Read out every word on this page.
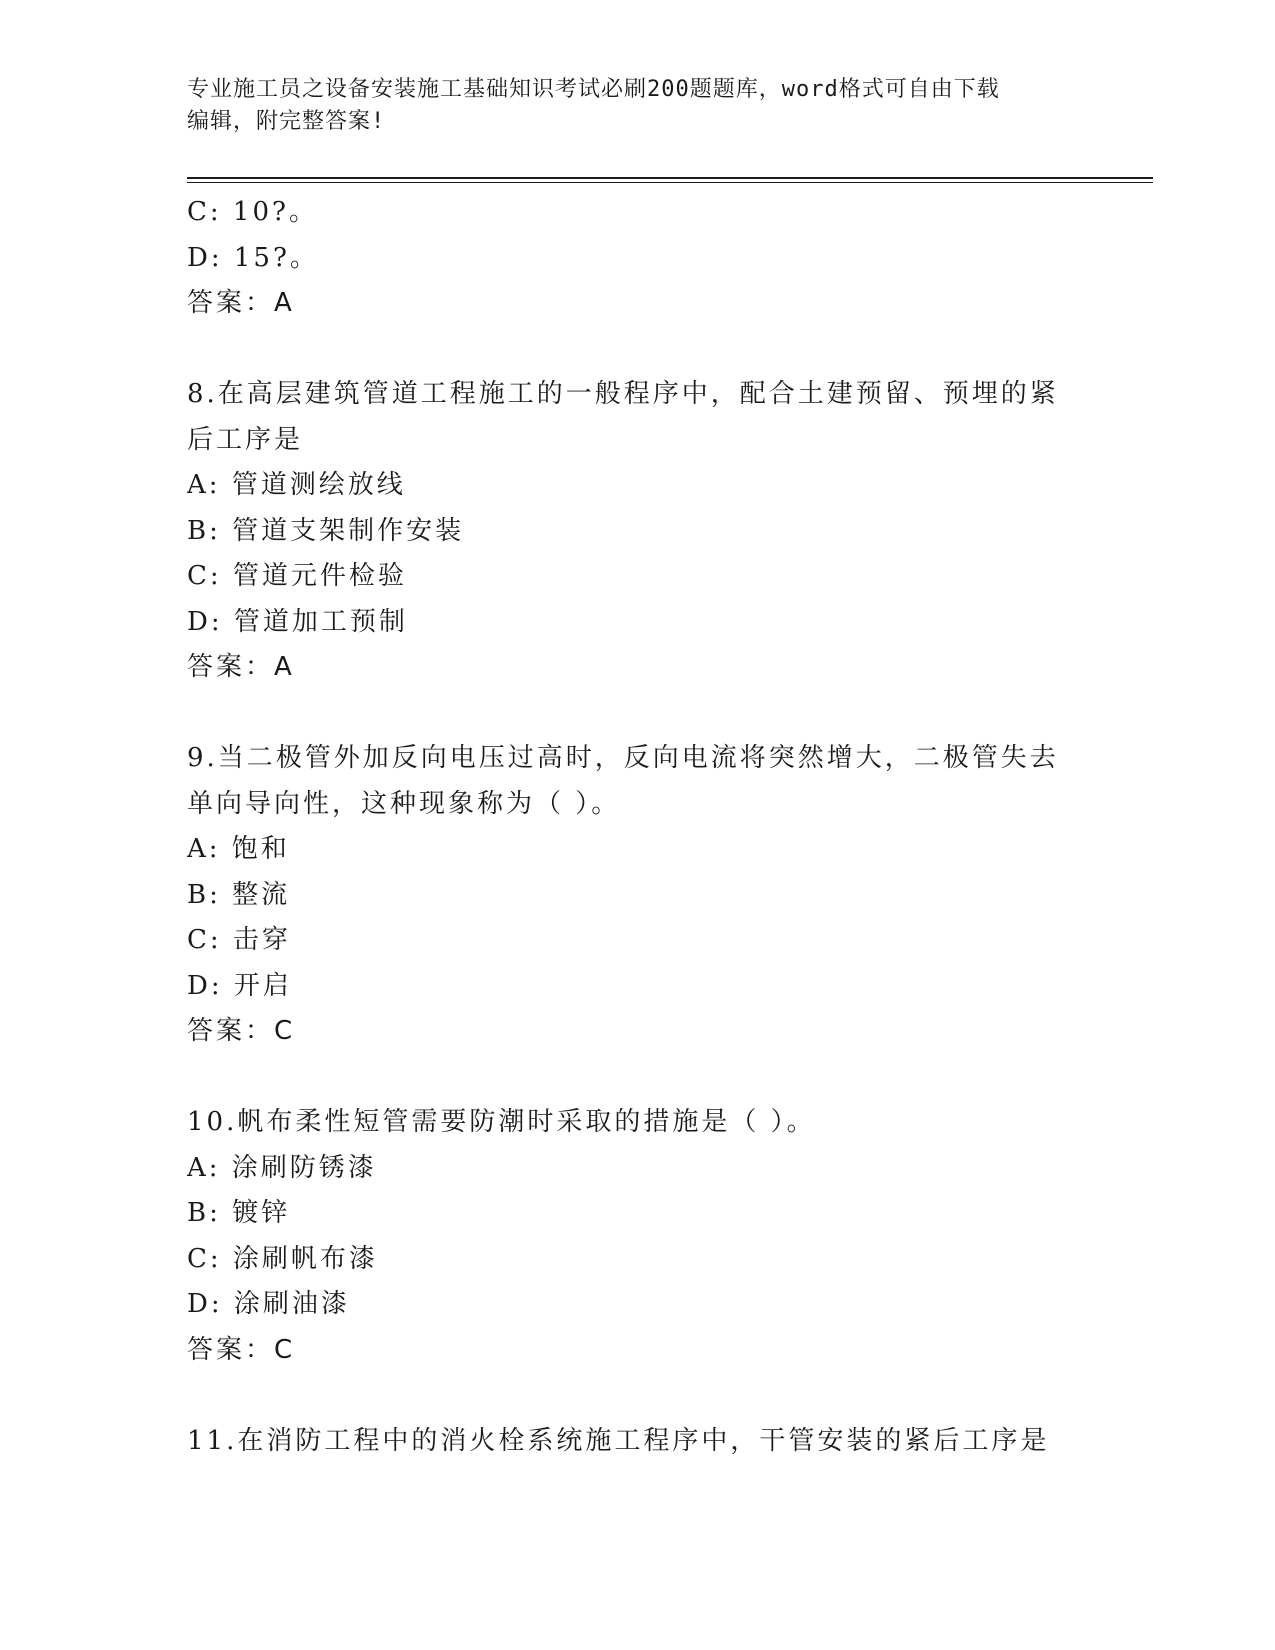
专业施工员之设备安装施工基础知识考试必刷200题题库，word格式可自由下载
编辑，附完整答案!
C: 10?。
D: 15?。
答案：A
8.在高层建筑管道工程施工的一般程序中，配合土建预留、预埋的紧
后工序是
A: 管道测绘放线
B: 管道支架制作安装
C: 管道元件检验
D: 管道加工预制
答案：A
9.当二极管外加反向电压过高时，反向电流将突然增大，二极管失去
单向导向性，这种现象称为（ ）。
A: 饱和
B: 整流
C: 击穿
D: 开启
答案：C
10.帆布柔性短管需要防潮时采取的措施是（ ）。
A: 涂刷防锈漆
B: 镀锌
C: 涂刷帆布漆
D: 涂刷油漆
答案：C
11.在消防工程中的消火栓系统施工程序中，干管安装的紧后工序是
